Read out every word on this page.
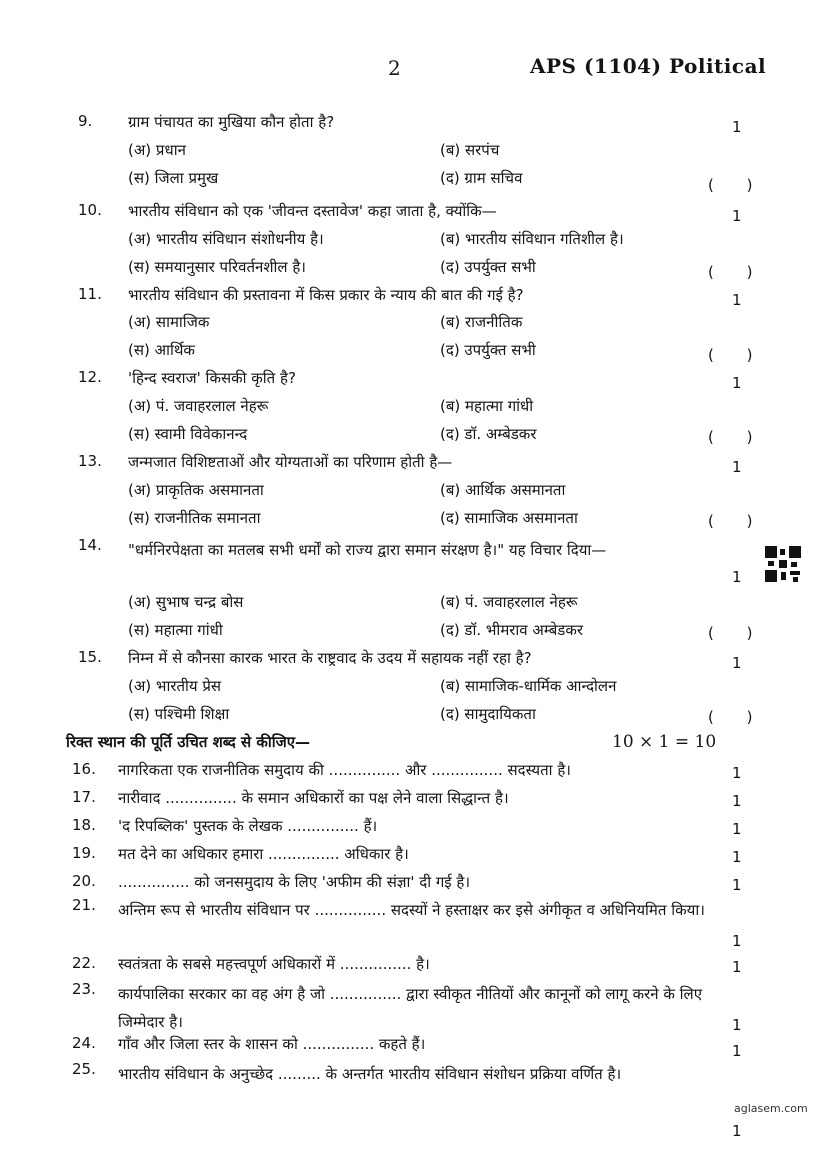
2	APS (1104) Political
9. ग्राम पंचायत का मुखिया कौन होता है?	1
(अ) प्रधान	(ब) सरपंच
(स) जिला प्रमुख	(द) ग्राम सचिव	( )
10. भारतीय संविधान को एक 'जीवन्त दस्तावेज' कहा जाता है, क्योंकि—	1
(अ) भारतीय संविधान संशोधनीय है।	(ब) भारतीय संविधान गतिशील है।
(स) समयानुसार परिवर्तनशील है।	(द) उपर्युक्त सभी	( )
11. भारतीय संविधान की प्रस्तावना में किस प्रकार के न्याय की बात की गई है?	1
(अ) सामाजिक	(ब) राजनीतिक
(स) आर्थिक	(द) उपर्युक्त सभी	( )
12. 'हिन्द स्वराज' किसकी कृति है?	1
(अ) पं. जवाहरलाल नेहरू	(ब) महात्मा गांधी
(स) स्वामी विवेकानन्द	(द) डॉ. अम्बेडकर	( )
13. जन्मजात विशिष्टताओं और योग्यताओं का परिणाम होती है—	1
(अ) प्राकृतिक असमानता	(ब) आर्थिक असमानता
(स) राजनीतिक समानता	(द) सामाजिक असमानता	( )
14. "धर्मनिरपेक्षता का मतलब सभी धर्मों को राज्य द्वारा समान संरक्षण है।" यह विचार दिया—
1
(अ) सुभाष चन्द्र बोस	(ब) पं. जवाहरलाल नेहरू
(स) महात्मा गांधी	(द) डॉ. भीमराव अम्बेडकर	( )
15. निम्न में से कौनसा कारक भारत के राष्ट्रवाद के उदय में सहायक नहीं रहा है?	1
(अ) भारतीय प्रेस	(ब) सामाजिक-धार्मिक आन्दोलन
(स) पश्चिमी शिक्षा	(द) सामुदायिकता	( )
रिक्त स्थान की पूर्ति उचित शब्द से कीजिए—	10 × 1 = 10
16. नागरिकता एक राजनीतिक समुदाय की ............... और ............... सदस्यता है।	1
17. नारीवाद ............... के समान अधिकारों का पक्ष लेने वाला सिद्धान्त है।	1
18. 'द रिपब्लिक' पुस्तक के लेखक ............... हैं।	1
19. मत देने का अधिकार हमारा ............... अधिकार है।	1
20. ............... को जनसमुदाय के लिए 'अफीम की संज्ञा' दी गई है।	1
21. अन्तिम रूप से भारतीय संविधान पर ............... सदस्यों ने हस्ताक्षर कर इसे अंगीकृत व अधिनियमित किया।
1
22. स्वतंत्रता के सबसे महत्त्वपूर्ण अधिकारों में ............... है।	1
23. कार्यपालिका सरकार का वह अंग है जो ............... द्वारा स्वीकृत नीतियों और कानूनों को लागू करने के लिए जिम्मेदार है।	1
24. गाँव और जिला स्तर के शासन को ............... कहते हैं।	1
25. भारतीय संविधान के अनुच्छेद ......... के अन्तर्गत भारतीय संविधान संशोधन प्रक्रिया वर्णित है।
aglasem.com
1
